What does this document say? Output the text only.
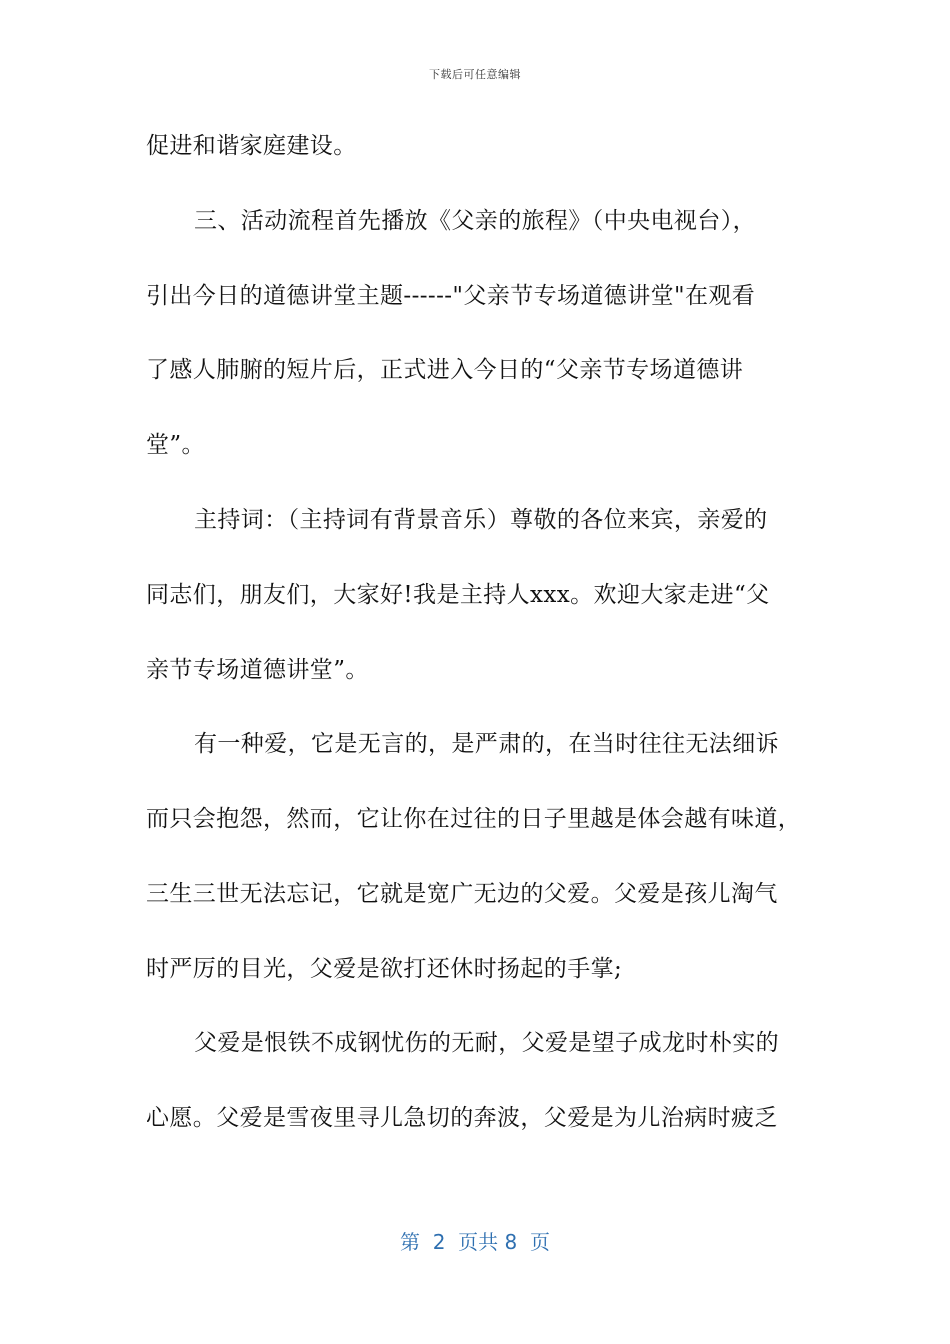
下载后可任意编辑

促进和谐家庭建设。

三、活动流程首先播放《父亲的旅程》（中央电视台），

引出今日的道德讲堂主题------"父亲节专场道德讲堂"在观看

了感人肺腑的短片后，正式进入今日的“父亲节专场道德讲

堂”。

主持词：（主持词有背景音乐）尊敬的各位来宾，亲爱的

同志们，朋友们，大家好!我是主持人xxx。欢迎大家走进“父

亲节专场道德讲堂”。

有一种爱，它是无言的，是严肃的，在当时往往无法细诉

而只会抱怨，然而，它让你在过往的日子里越是体会越有味道，

三生三世无法忘记，它就是宽广无边的父爱。父爱是孩儿淘气

时严厉的目光，父爱是欲打还休时扬起的手掌;

父爱是恨铁不成钢忧伤的无耐，父爱是望子成龙时朴实的

心愿。父爱是雪夜里寻儿急切的奔波，父爱是为儿治病时疲乏

第  2  页共 8  页
